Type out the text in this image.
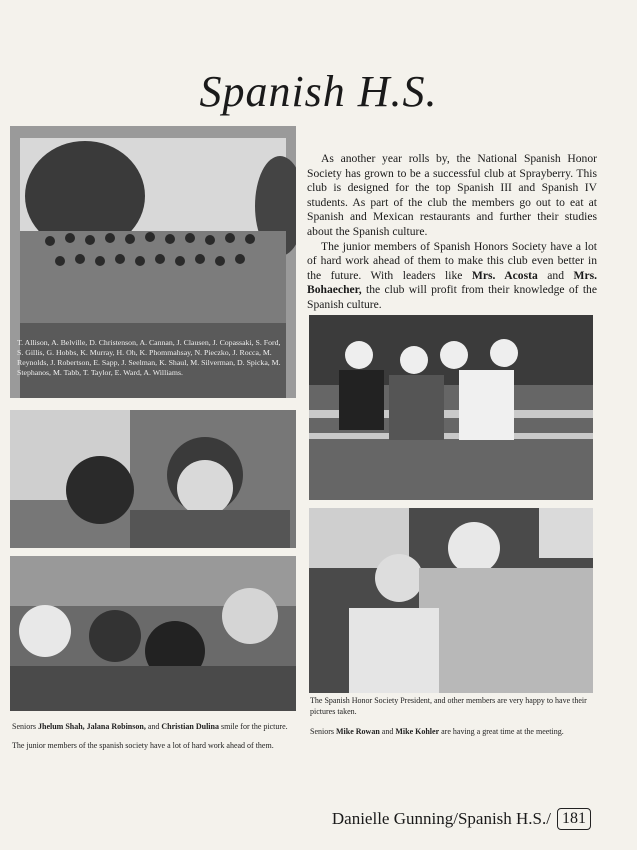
Spanish H.S.
T. Allison, A. Belville, D. Christenson, A. Cannan, J. Clausen, J. Copassaki, S. Ford, S. Gillis, G. Hobbs, K. Murray, H. Oh, K. Phommahsay, N. Pieczko, J. Rocca, M. Reynolds, J. Robertson, E. Sapp, J. Seelman, K. Shaul, M. Silverman, D. Spicka, M. Stephanos, M. Tabb, T. Taylor, E. Ward, A. Williams.

As another year rolls by, the National Spanish Honor Society has grown to be a successful club at Sprayberry. This club is designed for the top Spanish III and Spanish IV students. As part of the club the members go out to eat at Spanish and Mexican restaurants and further their studies about the Spanish culture.

The junior members of Spanish Honors Society have a lot of hard work ahead of them to make this club even better in the future. With leaders like Mrs. Acosta and Mrs. Bohaecher, the club will profit from their knowledge of the Spanish culture.

The Spanish Honor Society President, and other members are very happy to have their pictures taken.
Seniors Mike Rowan and Mike Kohler are having a great time at the meeting.
Seniors Jhelum Shah, Jalana Robinson, and Christian Dulina smile for the picture.
The junior members of the spanish society have a lot of hard work ahead of them.
Danielle Gunning/Spanish H.S./ 181
